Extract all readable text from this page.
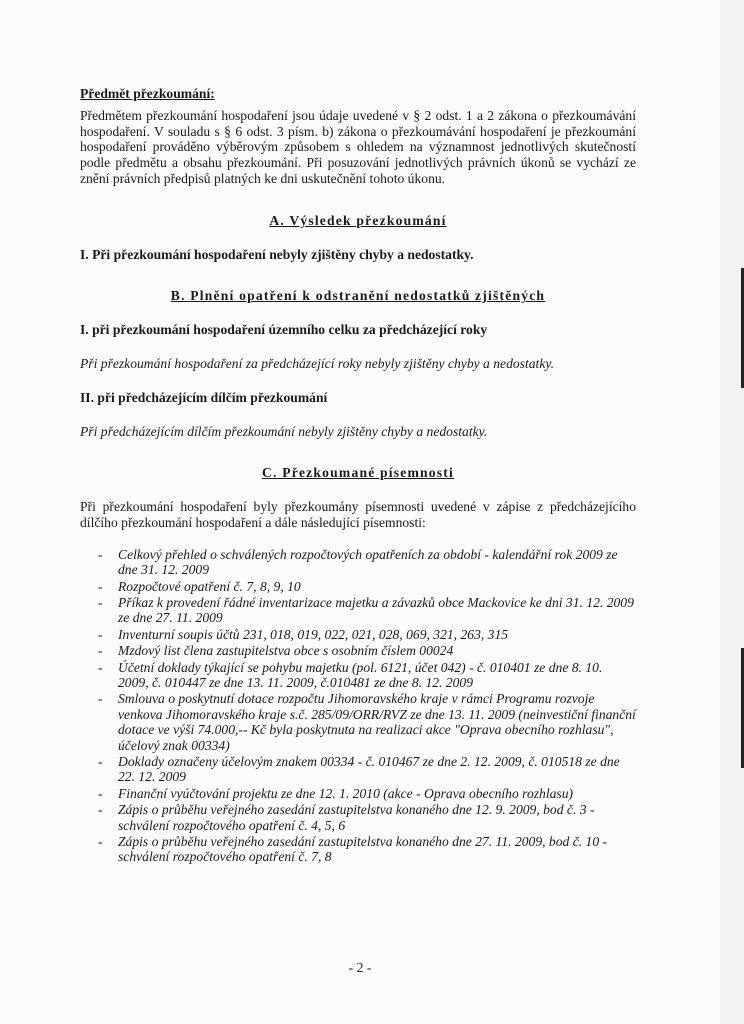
Předmět přezkoumání:

Předmětem přezkoumání hospodaření jsou údaje uvedené v § 2 odst. 1 a 2 zákona o přezkoumávání hospodaření. V souladu s § 6 odst. 3 písm. b) zákona o přezkoumávání hospodaření je přezkoumání hospodaření prováděno výběrovým způsobem s ohledem na významnost jednotlivých skutečností podle předmětu a obsahu přezkoumání. Při posuzování jednotlivých právních úkonů se vychází ze znění právních předpisů platných ke dni uskutečnění tohoto úkonu.

A. Výsledek přezkoumání
I. Při přezkoumání hospodaření nebyly zjištěny chyby a nedostatky.
B. Plnění opatření k odstranění nedostatků zjištěných
I. při přezkoumání hospodaření územního celku za předcházející roky
Při přezkoumání hospodaření za předcházející roky nebyly zjištěny chyby a nedostatky.
II. při předcházejícím dílčím přezkoumání
Při předcházejícím dílčím přezkoumání nebyly zjištěny chyby a nedostatky.
C. Přezkoumané písemnosti

Při přezkoumání hospodaření byly přezkoumány písemnosti uvedené v zápise z předcházejícího dílčího přezkoumání hospodaření a dále následující písemnosti:

- Celkový přehled o schválených rozpočtových opatřeních za období - kalendářní rok 2009 ze dne 31. 12. 2009
- Rozpočtové opatření č. 7, 8, 9, 10
- Příkaz k provedení řádné inventarizace majetku a závazků obce Mackovice ke dni 31. 12. 2009 ze dne 27. 11. 2009
- Inventurní soupis účtů 231, 018, 019, 022, 021, 028, 069, 321, 263, 315
- Mzdový list člena zastupitelstva obce s osobním číslem 00024
- Účetní doklady týkající se pohybu majetku (pol. 6121, účet 042) - č. 010401 ze dne 8. 10. 2009, č. 010447 ze dne 13. 11. 2009, č.010481 ze dne 8. 12. 2009
- Smlouva o poskytnutí dotace rozpočtu Jihomoravského kraje v rámci Programu rozvoje venkova Jihomoravského kraje s.č. 285/09/ORR/RVZ ze dne 13. 11. 2009 (neinvestiční finanční dotace ve výši 74.000,-- Kč byla poskytnuta na realizaci akce "Oprava obecního rozhlasu", účelový znak 00334)
- Doklady označeny účelovým znakem 00334 - č. 010467 ze dne 2. 12. 2009, č. 010518 ze dne 22. 12. 2009
- Finanční vyúčtování projektu ze dne 12. 1. 2010 (akce - Oprava obecního rozhlasu)
- Zápis o průběhu veřejného zasedání zastupitelstva konaného dne 12. 9. 2009, bod č. 3 - schválení rozpočtového opatření č. 4, 5, 6
- Zápis o průběhu veřejného zasedání zastupitelstva konaného dne 27. 11. 2009, bod č. 10 - schválení rozpočtového opatření č. 7, 8
- 2 -
